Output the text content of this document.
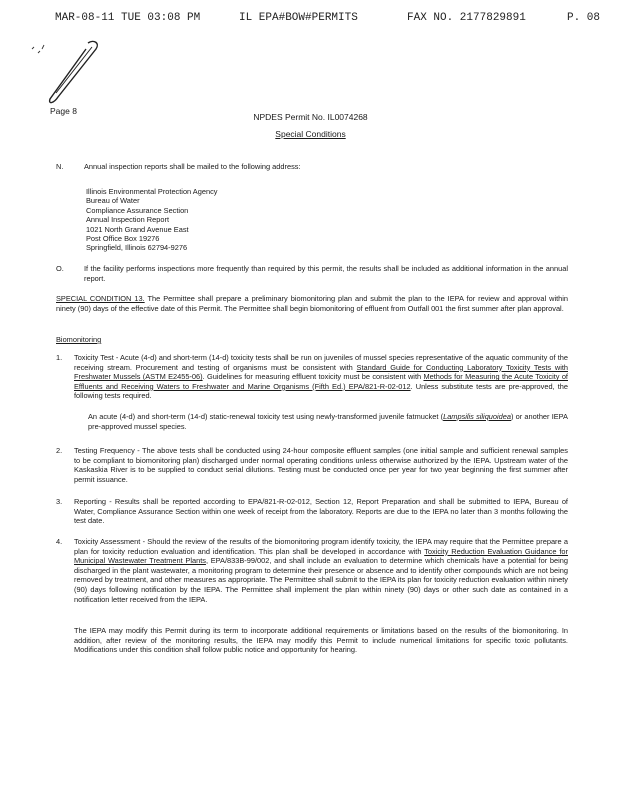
MAR-08-11 TUE 03:08 PM	IL EPA#BOW#PERMITS	FAX NO. 2177829891	P. 08
Page 8
NPDES Permit No. IL0074268
Special Conditions
N.	Annual inspection reports shall be mailed to the following address:

Illinois Environmental Protection Agency
Bureau of Water
Compliance Assurance Section
Annual Inspection Report
1021 North Grand Avenue East
Post Office Box 19276
Springfield, Illinois 62794-9276
O.	If the facility performs inspections more frequently than required by this permit, the results shall be included as additional information in the annual report.

SPECIAL CONDITION 13. The Permittee shall prepare a preliminary biomonitoring plan and submit the plan to the IEPA for review and approval within ninety (90) days of the effective date of this Permit. The Permittee shall begin biomonitoring of effluent from Outfall 001 the first summer after plan approval.

Biomonitoring
1. Toxicity Test - Acute (4-d) and short-term (14-d) toxicity tests shall be run on juveniles of mussel species representative of the aquatic community of the receiving stream. Procurement and testing of organisms must be consistent with Standard Guide for Conducting Laboratory Toxicity Tests with Freshwater Mussels (ASTM E2455-06). Guidelines for measuring effluent toxicity must be consistent with Methods for Measuring the Acute Toxicity of Effluents and Receiving Waters to Freshwater and Marine Organisms (Fifth Ed.) EPA/821-R-02-012. Unless substitute tests are pre-approved, the following tests required.

An acute (4-d) and short-term (14-d) static-renewal toxicity test using newly-transformed juvenile fatmucket (Lampsilis siliquoidea) or another IEPA pre-approved mussel species.

2. Testing Frequency - The above tests shall be conducted using 24-hour composite effluent samples (one initial sample and sufficient renewal samples to be compliant to biomonitoring plan) discharged under normal operating conditions unless otherwise authorized by the IEPA. Upstream water of the Kaskaskia River is to be supplied to conduct serial dilutions. Testing must be conducted once per year for two year beginning the first summer after permit issuance.

3. Reporting - Results shall be reported according to EPA/821-R-02-012, Section 12, Report Preparation and shall be submitted to IEPA, Bureau of Water, Compliance Assurance Section within one week of receipt from the laboratory. Reports are due to the IEPA no later than 3 months following the test date.

4. Toxicity Assessment - Should the review of the results of the biomonitoring program identify toxicity, the IEPA may require that the Permittee prepare a plan for toxicity reduction evaluation and identification. This plan shall be developed in accordance with Toxicity Reduction Evaluation Guidance for Municipal Wastewater Treatment Plants, EPA/833B-99/002, and shall include an evaluation to determine which chemicals have a potential for being discharged in the plant wastewater, a monitoring program to determine their presence or absence and to identify other compounds which are not being removed by treatment, and other measures as appropriate. The Permittee shall submit to the IEPA its plan for toxicity reduction evaluation within ninety (90) days following notification by the IEPA. The Permittee shall implement the plan within ninety (90) days or other such date as contained in a notification letter received from the IEPA.

The IEPA may modify this Permit during its term to incorporate additional requirements or limitations based on the results of the biomonitoring. In addition, after review of the monitoring results, the IEPA may modify this Permit to include numerical limitations for specific toxic pollutants. Modifications under this condition shall follow public notice and opportunity for hearing.
